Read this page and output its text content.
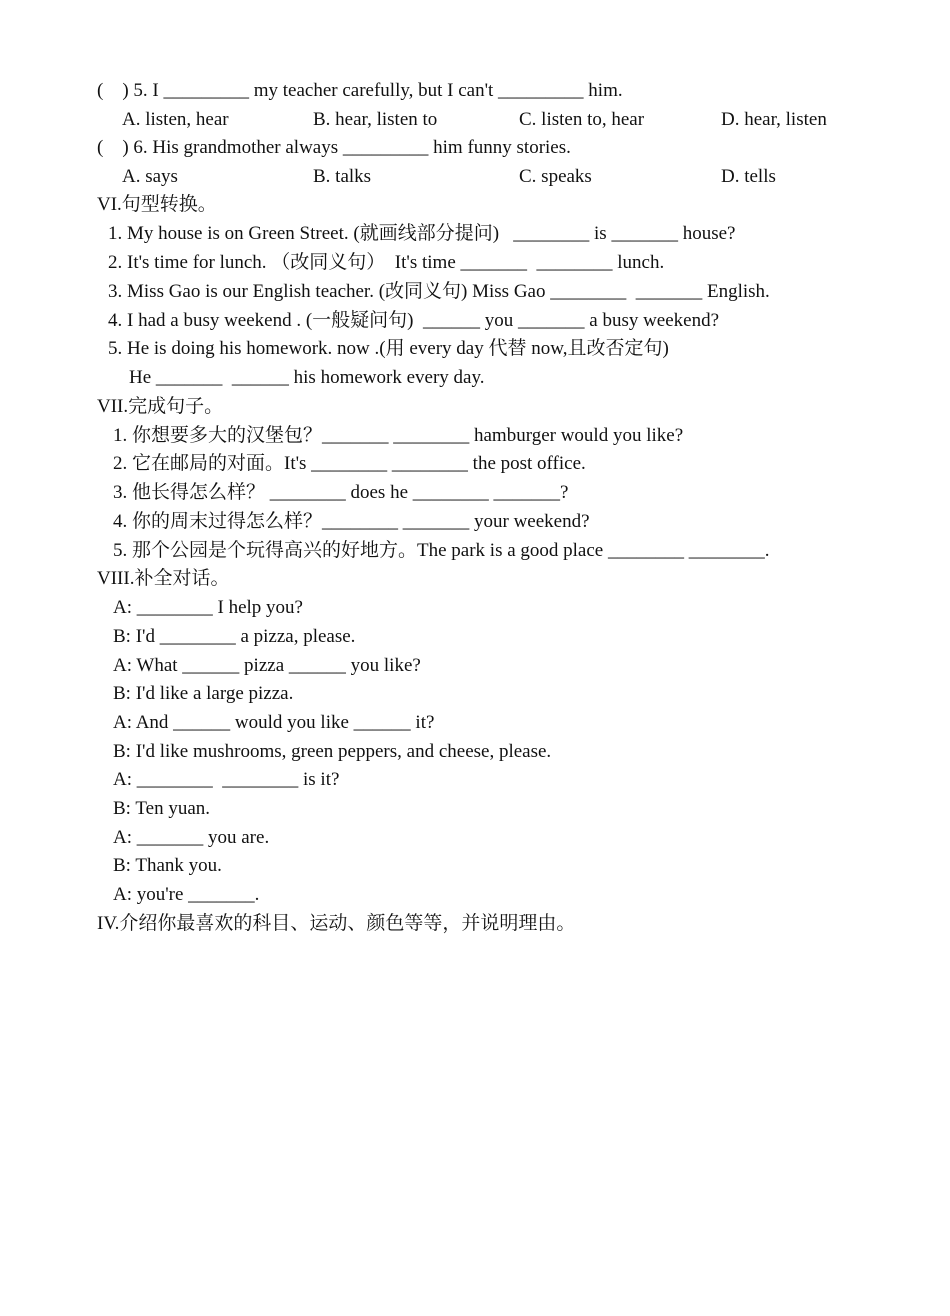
(    ) 5. I _________ my teacher carefully, but I can't _________ him.
A. listen, hear	B. hear, listen to	C. listen to, hear	D. hear, listen
(    ) 6. His grandmother always _________ him funny stories.
A. says	B. talks	C. speaks	D. tells
VI.句型转换。
1. My house is on Green Street. (就画线部分提问)   ________ is _______ house?
2. It's time for lunch. （改同义句）  It's time _______  ________ lunch.
3. Miss Gao is our English teacher. (改同义句) Miss Gao ________  _______ English.
4. I had a busy weekend . (一般疑问句)  ______ you _______ a busy weekend?
5. He is doing his homework. now .(用 every day 代替 now,且改否定句)
He _______  ______ his homework every day.
VII.完成句子。
1. 你想要多大的汉堡包？_______ ________ hamburger would you like?
2. 它在邮局的对面。It's ________ ________ the post office.
3. 他长得怎么样？ ________ does he ________ _______?
4. 你的周末过得怎么样？________ _______ your weekend?
5. 那个公园是个玩得高兴的好地方。The park is a good place ________ ________.
VIII.补全对话。
A: ________ I help you?
B: I'd ________ a pizza, please.
A: What ______ pizza ______ you like?
B: I'd like a large pizza.
A: And ______ would you like ______ it?
B: I'd like mushrooms, green peppers, and cheese, please.
A: ________  ________ is it?
B: Ten yuan.
A: _______ you are.
B: Thank you.
A: you're _______.
IV.介绍你最喜欢的科目、运动、颜色等等，并说明理由。
